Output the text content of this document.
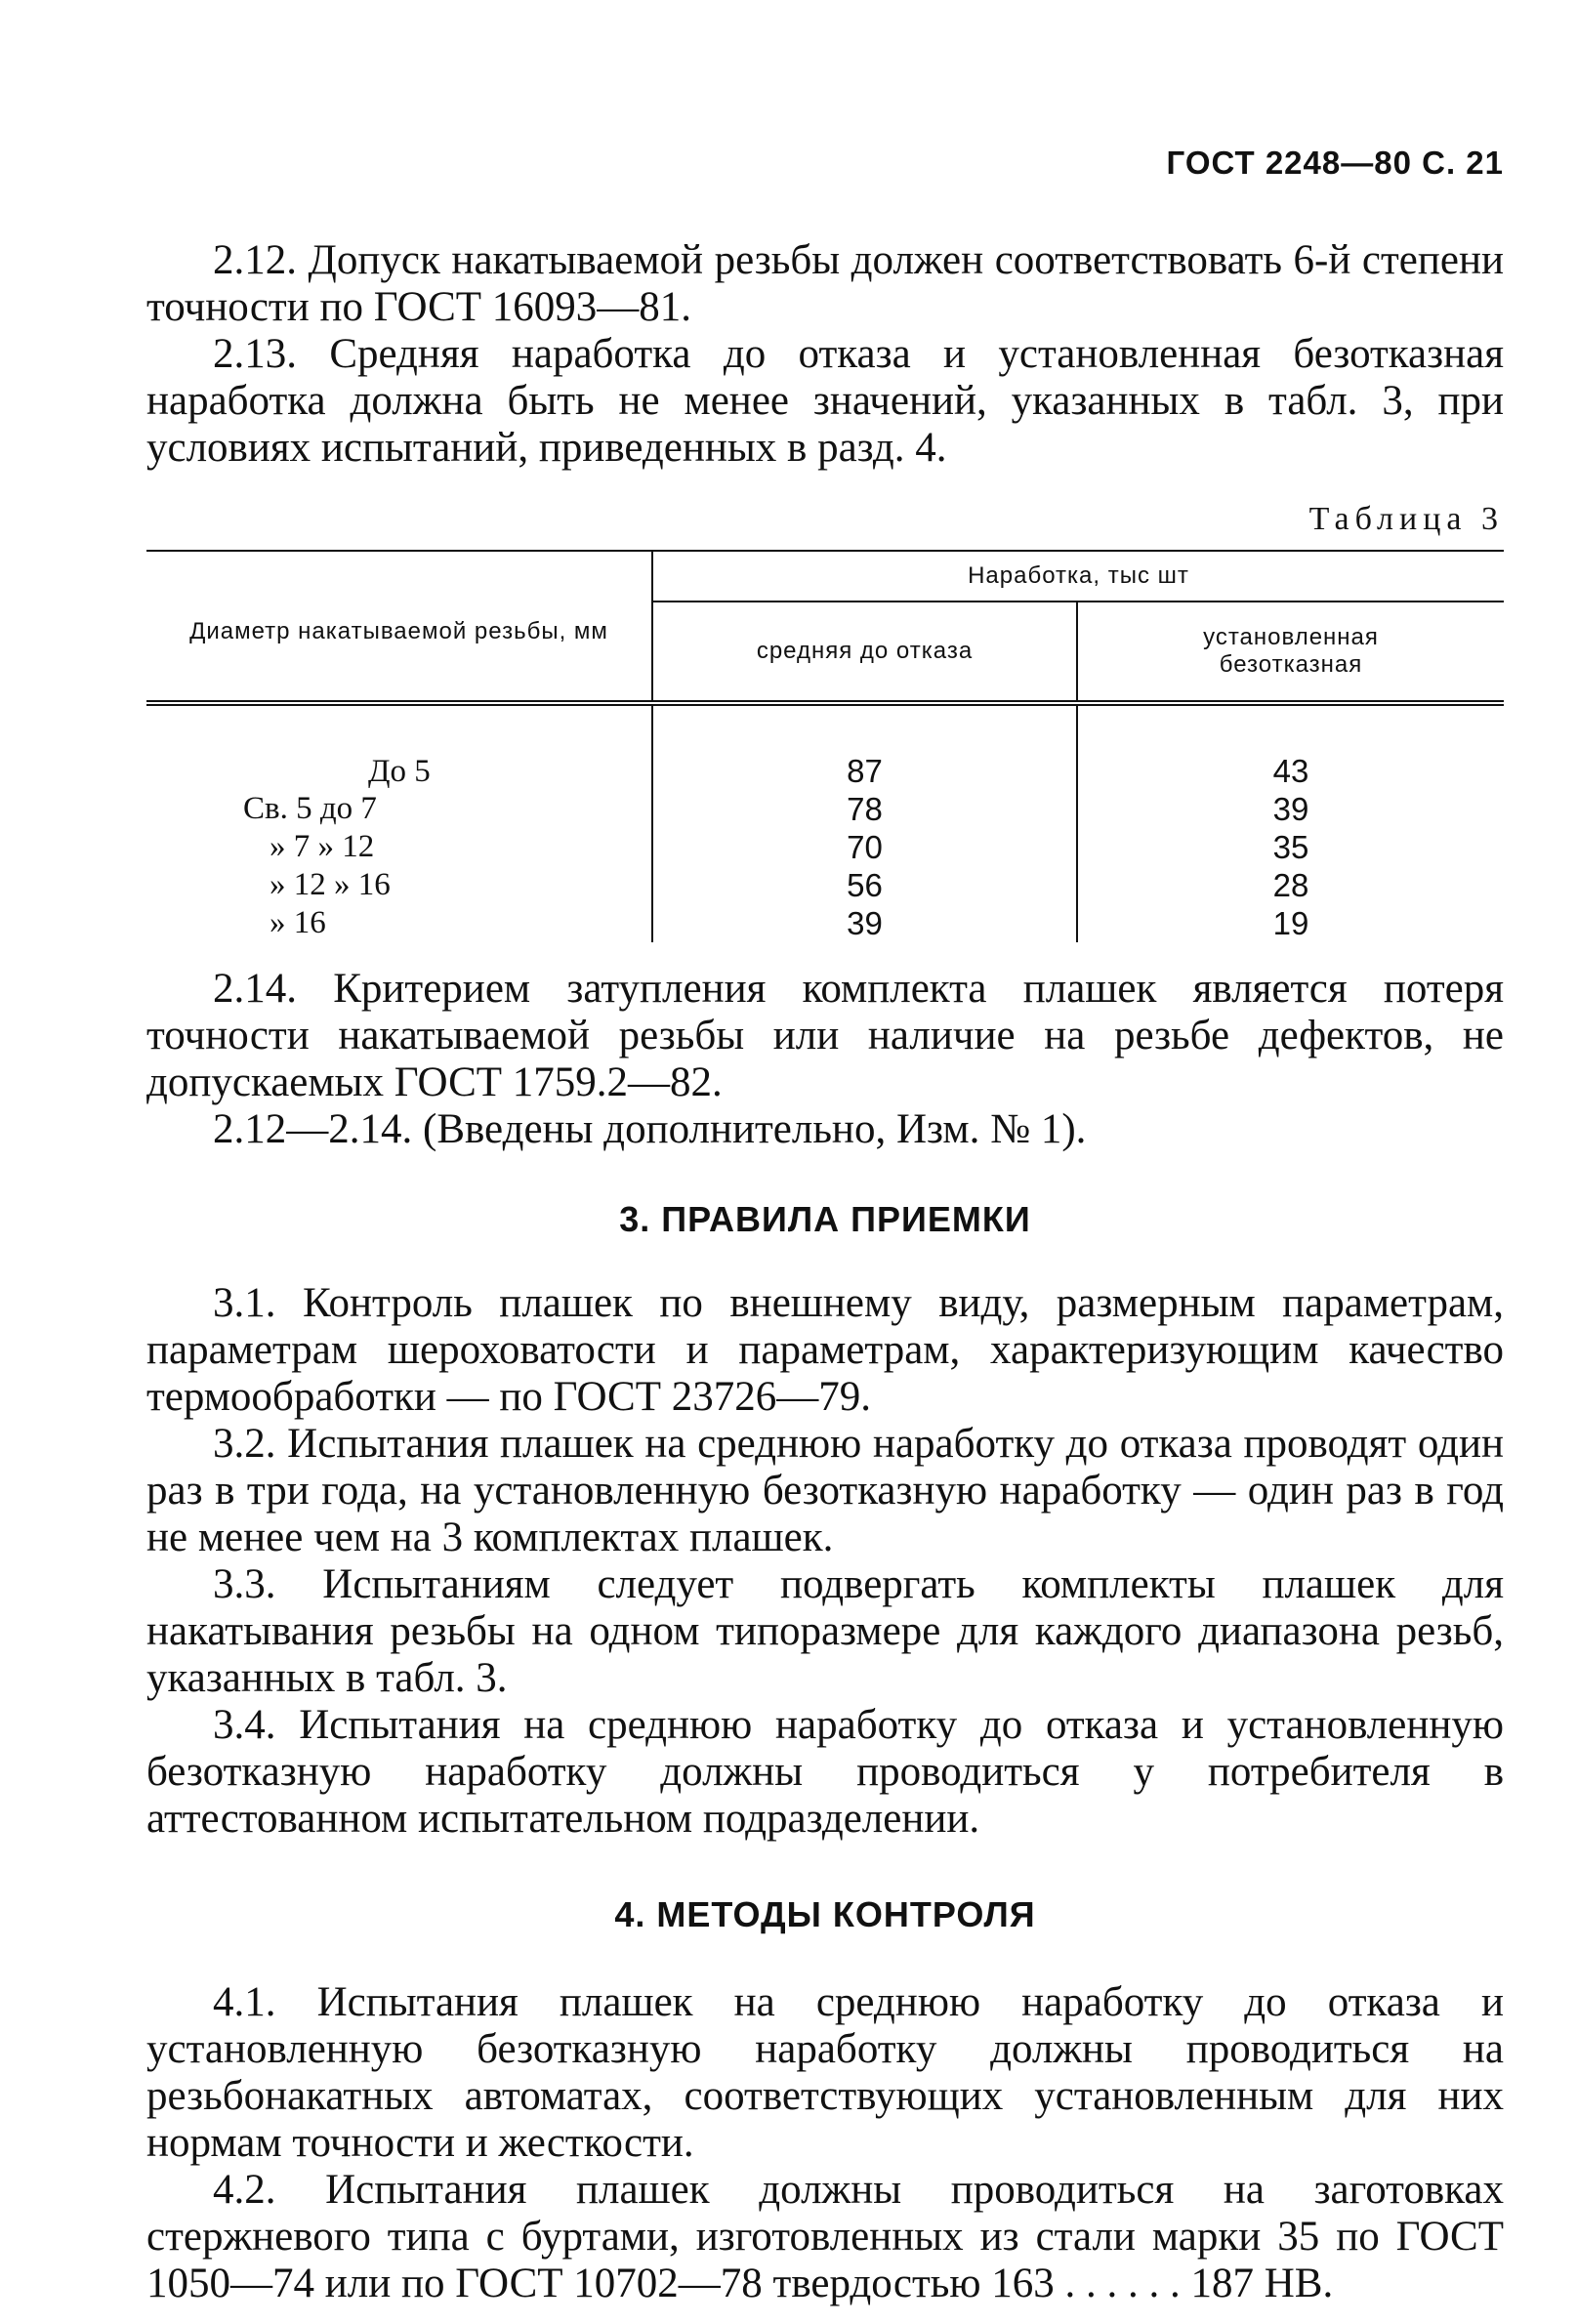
ГОСТ 2248—80 С. 21

2.12. Допуск накатываемой резьбы должен соответствовать 6-й степени точности по ГОСТ 16093—81.

2.13. Средняя наработка до отказа и установленная безотказная наработка должна быть не менее значений, указанных в табл. 3, при условиях испытаний, приведенных в разд. 4.

Таблица 3
Диаметр накатываемой резьбы, мм	Наработка, тыс шт	
	средняя до отказа	установленная безотказная
До 5	87	43
Св. 5 до 7	78	39
» 7 » 12	70	35
» 12 » 16	56	28
» 16	39	19

2.14. Критерием затупления комплекта плашек является потеря точности накатываемой резьбы или наличие на резьбе дефектов, не допускаемых ГОСТ 1759.2—82.

2.12—2.14. (Введены дополнительно, Изм. № 1).

3. ПРАВИЛА ПРИЕМКИ

3.1. Контроль плашек по внешнему виду, размерным параметрам, параметрам шероховатости и параметрам, характеризующим качество термообработки — по ГОСТ 23726—79.

3.2. Испытания плашек на среднюю наработку до отказа проводят один раз в три года, на установленную безотказную наработку — один раз в год не менее чем на 3 комплектах плашек.

3.3. Испытаниям следует подвергать комплекты плашек для накатывания резьбы на одном типоразмере для каждого диапазона резьб, указанных в табл. 3.

3.4. Испытания на среднюю наработку до отказа и установленную безотказную наработку должны проводиться у потребителя в аттестованном испытательном подразделении.

4. МЕТОДЫ КОНТРОЛЯ

4.1. Испытания плашек на среднюю наработку до отказа и установленную безотказную наработку должны проводиться на резьбонакатных автоматах, соответствующих установленным для них нормам точности и жесткости.

4.2. Испытания плашек должны проводиться на заготовках стержневого типа с буртами, изготовленных из стали марки 35 по ГОСТ 1050—74 или по ГОСТ 10702—78 твердостью 163 . . . . . . 187 НВ.
